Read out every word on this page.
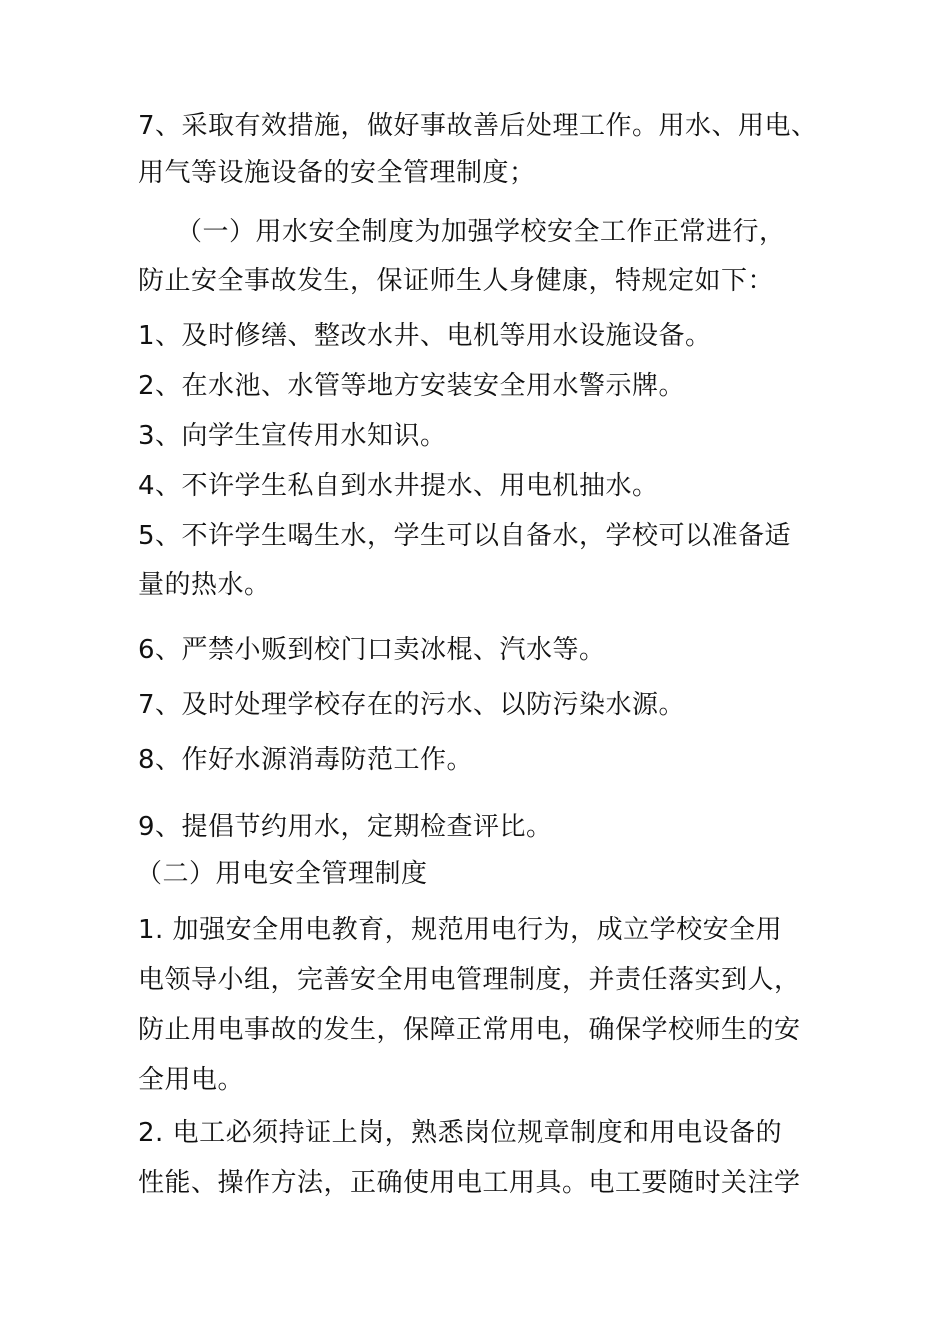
7、采取有效措施，做好事故善后处理工作。用水、用电、
用气等设施设备的安全管理制度；
（一）用水安全制度为加强学校安全工作正常进行，
防止安全事故发生，保证师生人身健康，特规定如下：
1、及时修缮、整改水井、电机等用水设施设备。
2、在水池、水管等地方安装安全用水警示牌。
3、向学生宣传用水知识。
4、不许学生私自到水井提水、用电机抽水。
5、不许学生喝生水，学生可以自备水，学校可以准备适
量的热水。
6、严禁小贩到校门口卖冰棍、汽水等。
7、及时处理学校存在的污水、以防污染水源。
8、作好水源消毒防范工作。
9、提倡节约用水，定期检查评比。
（二）用电安全管理制度
1. 加强安全用电教育，规范用电行为，成立学校安全用
电领导小组，完善安全用电管理制度，并责任落实到人，
防止用电事故的发生，保障正常用电，确保学校师生的安
全用电。
2. 电工必须持证上岗，熟悉岗位规章制度和用电设备的
性能、操作方法，正确使用电工用具。电工要随时关注学
